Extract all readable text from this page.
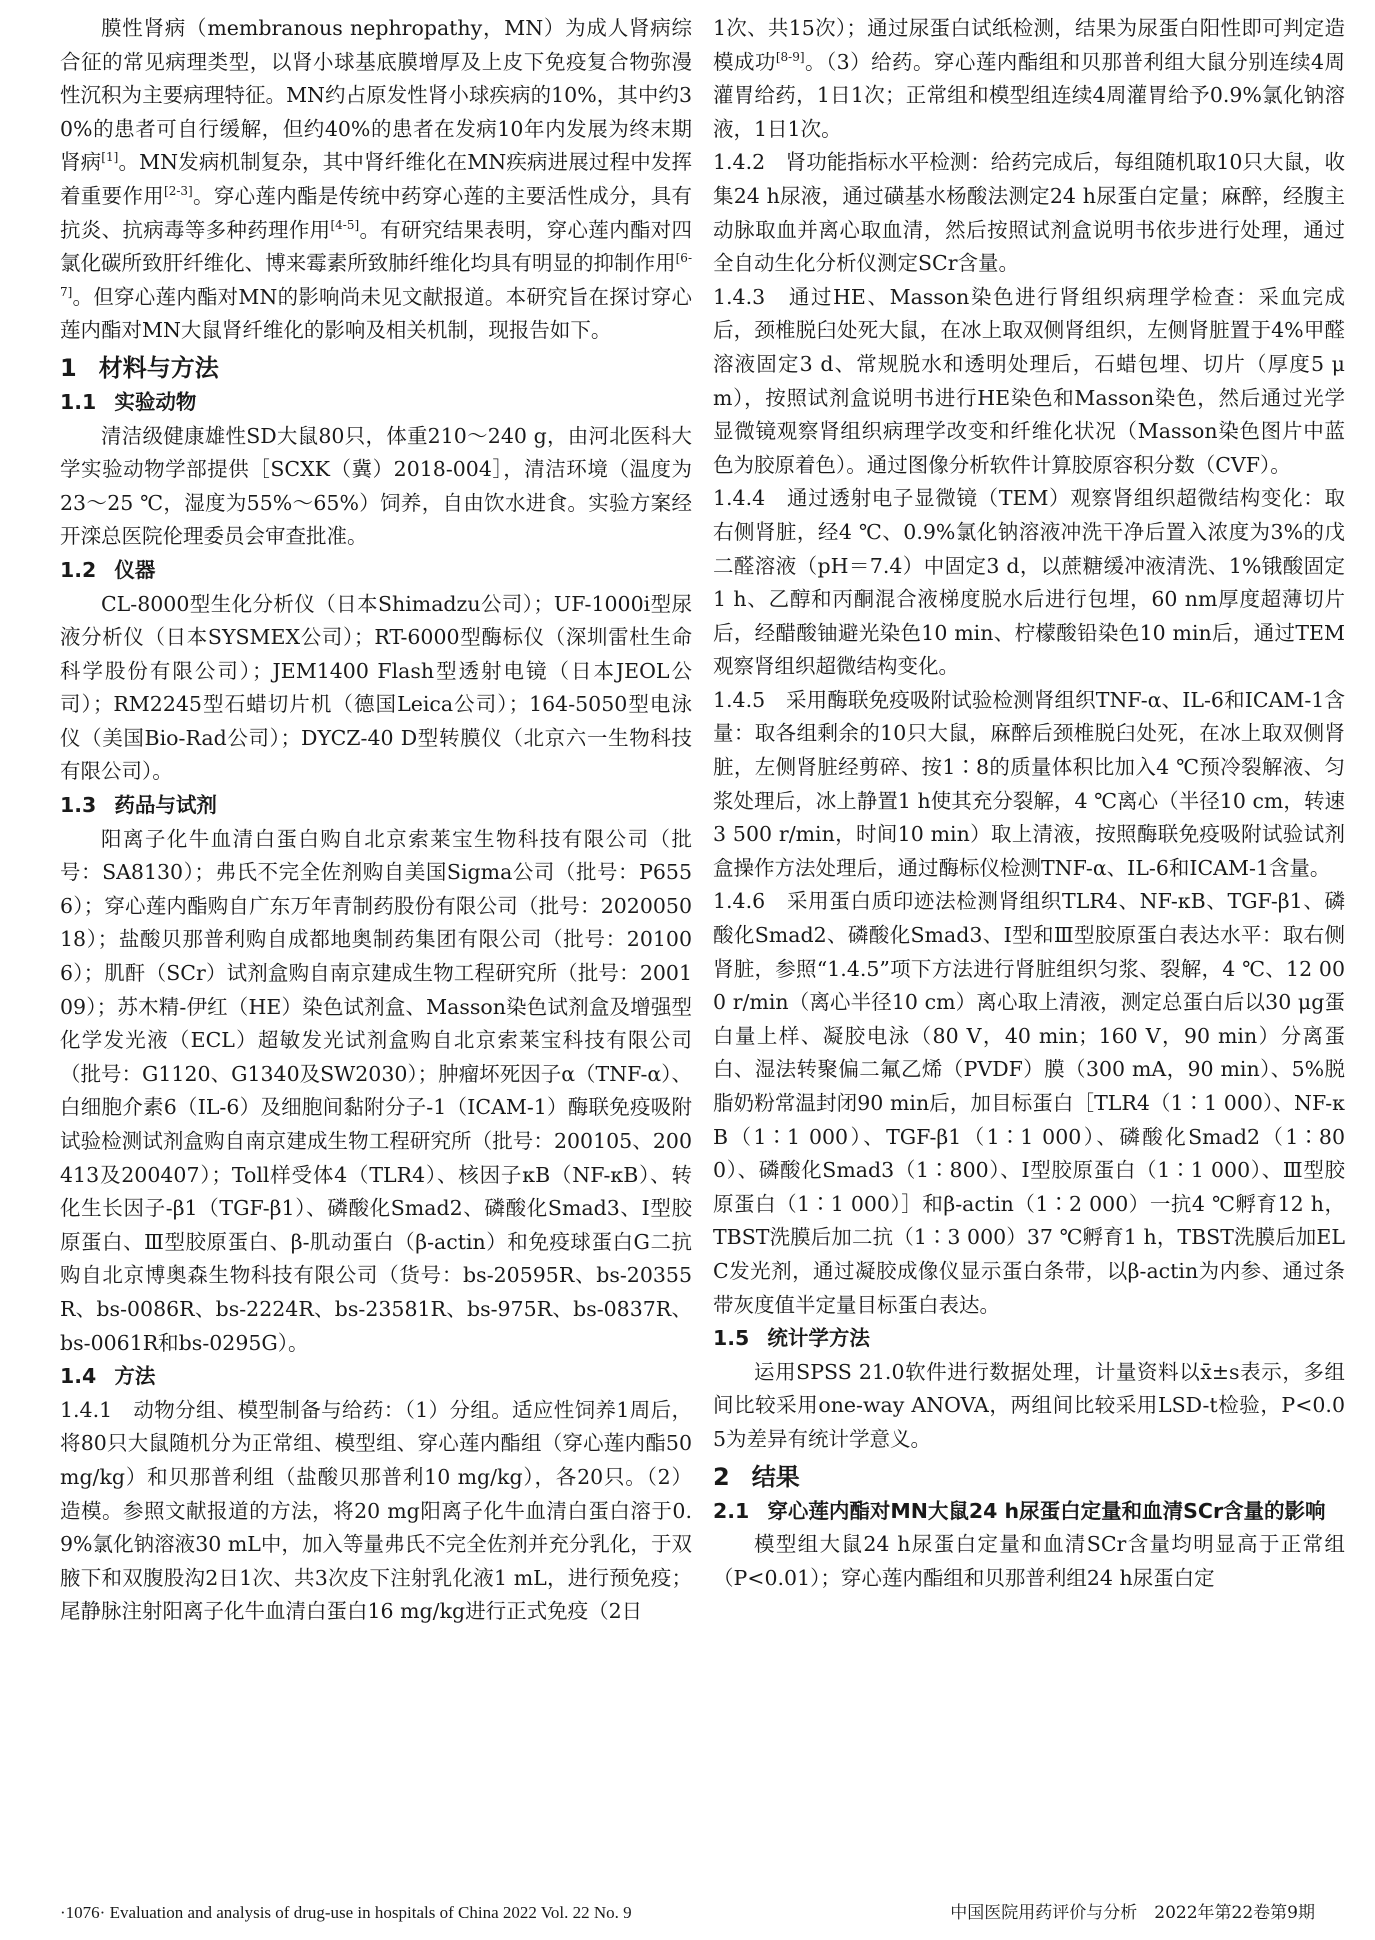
膜性肾病（membranous nephropathy，MN）为成人肾病综合征的常见病理类型，以肾小球基底膜增厚及上皮下免疫复合物弥漫性沉积为主要病理特征。MN约占原发性肾小球疾病的10%，其中约30%的患者可自行缓解，但约40%的患者在发病10年内发展为终末期肾病[1]。MN发病机制复杂，其中肾纤维化在MN疾病进展过程中发挥着重要作用[2-3]。穿心莲内酯是传统中药穿心莲的主要活性成分，具有抗炎、抗病毒等多种药理作用[4-5]。有研究结果表明，穿心莲内酯对四氯化碳所致肝纤维化、博来霉素所致肺纤维化均具有明显的抑制作用[6-7]。但穿心莲内酯对MN的影响尚未见文献报道。本研究旨在探讨穿心莲内酯对MN大鼠肾纤维化的影响及相关机制，现报告如下。

1 材料与方法
1.1 实验动物

清洁级健康雄性SD大鼠80只，体重210～240 g，由河北医科大学实验动物学部提供［SCXK（冀）2018-004］，清洁环境（温度为23～25 ℃，湿度为55%～65%）饲养，自由饮水进食。实验方案经开滦总医院伦理委员会审查批准。

1.2 仪器

CL-8000型生化分析仪（日本Shimadzu公司）；UF-1000i型尿液分析仪（日本SYSMEX公司）；RT-6000型酶标仪（深圳雷杜生命科学股份有限公司）；JEM1400 Flash型透射电镜（日本JEOL公司）；RM2245型石蜡切片机（德国Leica公司）；164-5050型电泳仪（美国Bio-Rad公司）；DYCZ-40 D型转膜仪（北京六一生物科技有限公司）。

1.3 药品与试剂

阳离子化牛血清白蛋白购自北京索莱宝生物科技有限公司（批号：SA8130）；弗氏不完全佐剂购自美国Sigma公司（批号：P6556）；穿心莲内酯购自广东万年青制药股份有限公司（批号：202005018）；盐酸贝那普利购自成都地奥制药集团有限公司（批号：201006）；肌酐（SCr）试剂盒购自南京建成生物工程研究所（批号：200109）；苏木精-伊红（HE）染色试剂盒、Masson染色试剂盒及增强型化学发光液（ECL）超敏发光试剂盒购自北京索莱宝科技有限公司（批号：G1120、G1340及SW2030）；肿瘤坏死因子α（TNF-α）、白细胞介素6（IL-6）及细胞间黏附分子-1（ICAM-1）酶联免疫吸附试验检测试剂盒购自南京建成生物工程研究所（批号：200105、200413及200407）；Toll样受体4（TLR4）、核因子κB（NF-κB）、转化生长因子-β1（TGF-β1）、磷酸化Smad2、磷酸化Smad3、Ⅰ型胶原蛋白、Ⅲ型胶原蛋白、β-肌动蛋白（β-actin）和免疫球蛋白G二抗购自北京博奥森生物科技有限公司（货号：bs-20595R、bs-20355R、bs-0086R、bs-2224R、bs-23581R、bs-975R、bs-0837R、bs-0061R和bs-0295G）。

1.4 方法

1.4.1　动物分组、模型制备与给药：（1）分组。适应性饲养1周后，将80只大鼠随机分为正常组、模型组、穿心莲内酯组（穿心莲内酯50 mg/kg）和贝那普利组（盐酸贝那普利10 mg/kg），各20只。（2）造模。参照文献报道的方法，将20 mg阳离子化牛血清白蛋白溶于0.9%氯化钠溶液30 mL中，加入等量弗氏不完全佐剂并充分乳化，于双腋下和双腹股沟2日1次、共3次皮下注射乳化液1 mL，进行预免疫；尾静脉注射阳离子化牛血清白蛋白16 mg/kg进行正式免疫（2日

1次、共15次）；通过尿蛋白试纸检测，结果为尿蛋白阳性即可判定造模成功[8-9]。（3）给药。穿心莲内酯组和贝那普利组大鼠分别连续4周灌胃给药，1日1次；正常组和模型组连续4周灌胃给予0.9%氯化钠溶液，1日1次。

1.4.2　肾功能指标水平检测：给药完成后，每组随机取10只大鼠，收集24 h尿液，通过磺基水杨酸法测定24 h尿蛋白定量；麻醉，经腹主动脉取血并离心取血清，然后按照试剂盒说明书依步进行处理，通过全自动生化分析仪测定SCr含量。

1.4.3　通过HE、Masson染色进行肾组织病理学检查：采血完成后，颈椎脱臼处死大鼠，在冰上取双侧肾组织，左侧肾脏置于4%甲醛溶液固定3 d、常规脱水和透明处理后，石蜡包埋、切片（厚度5 μm），按照试剂盒说明书进行HE染色和Masson染色，然后通过光学显微镜观察肾组织病理学改变和纤维化状况（Masson染色图片中蓝色为胶原着色）。通过图像分析软件计算胶原容积分数（CVF）。

1.4.4　通过透射电子显微镜（TEM）观察肾组织超微结构变化：取右侧肾脏，经4 ℃、0.9%氯化钠溶液冲洗干净后置入浓度为3%的戊二醛溶液（pH＝7.4）中固定3 d，以蔗糖缓冲液清洗、1%锇酸固定1 h、乙醇和丙酮混合液梯度脱水后进行包埋，60 nm厚度超薄切片后，经醋酸铀避光染色10 min、柠檬酸铅染色10 min后，通过TEM观察肾组织超微结构变化。

1.4.5　采用酶联免疫吸附试验检测肾组织TNF-α、IL-6和ICAM-1含量：取各组剩余的10只大鼠，麻醉后颈椎脱臼处死，在冰上取双侧肾脏，左侧肾脏经剪碎、按1∶8的质量体积比加入4 ℃预冷裂解液、匀浆处理后，冰上静置1 h使其充分裂解，4 ℃离心（半径10 cm，转速3 500 r/min，时间10 min）取上清液，按照酶联免疫吸附试验试剂盒操作方法处理后，通过酶标仪检测TNF-α、IL-6和ICAM-1含量。

1.4.6　采用蛋白质印迹法检测肾组织TLR4、NF-κB、TGF-β1、磷酸化Smad2、磷酸化Smad3、Ⅰ型和Ⅲ型胶原蛋白表达水平：取右侧肾脏，参照“1.4.5”项下方法进行肾脏组织匀浆、裂解，4 ℃、12 000 r/min（离心半径10 cm）离心取上清液，测定总蛋白后以30 μg蛋白量上样、凝胶电泳（80 V，40 min；160 V，90 min）分离蛋白、湿法转聚偏二氟乙烯（PVDF）膜（300 mA，90 min）、5%脱脂奶粉常温封闭90 min后，加目标蛋白［TLR4（1∶1 000）、NF-κB（1∶1 000）、TGF-β1（1∶1 000）、磷酸化Smad2（1∶800）、磷酸化Smad3（1∶800）、Ⅰ型胶原蛋白（1∶1 000）、Ⅲ型胶原蛋白（1∶1 000）］和β-actin（1∶2 000）一抗4 ℃孵育12 h，TBST洗膜后加二抗（1∶3 000）37 ℃孵育1 h，TBST洗膜后加ELC发光剂，通过凝胶成像仪显示蛋白条带，以β-actin为内参、通过条带灰度值半定量目标蛋白表达。

1.5 统计学方法

运用SPSS 21.0软件进行数据处理，计量资料以x̄±s表示，多组间比较采用one-way ANOVA，两组间比较采用LSD-t检验，P<0.05为差异有统计学意义。

2 结果
2.1 穿心莲内酯对MN大鼠24 h尿蛋白定量和血清SCr含量的影响

模型组大鼠24 h尿蛋白定量和血清SCr含量均明显高于正常组（P<0.01）；穿心莲内酯组和贝那普利组24 h尿蛋白定

·1076· Evaluation and analysis of drug-use in hospitals of China 2022 Vol. 22 No. 9	中国医院用药评价与分析　2022年第22卷第9期
